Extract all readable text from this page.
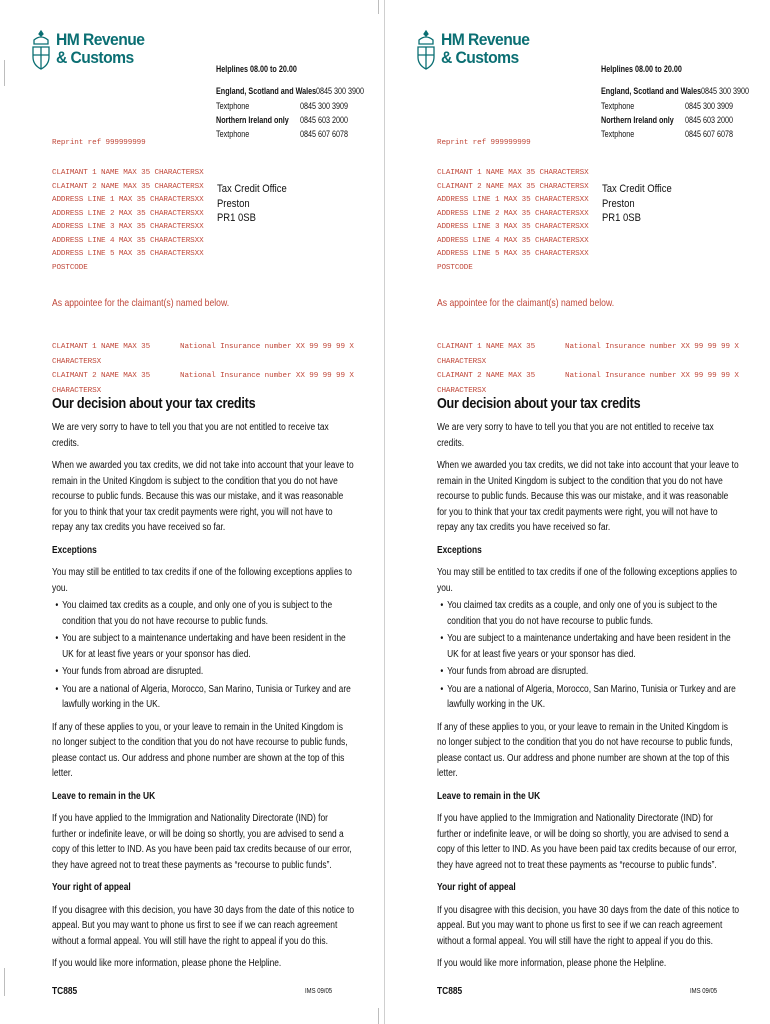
HM Revenue
& Customs
Helplines 08.00 to 20.00
England, Scotland and Wales 0845 300 3900
Textphone	0845 300 3909
Northern Ireland only	0845 603 2000
Textphone	0845 607 6078
Reprint ref 999999999
CLAIMANT 1 NAME MAX 35 CHARACTERSX
CLAIMANT 2 NAME MAX 35 CHARACTERSX
ADDRESS LINE 1 MAX 35 CHARACTERSXX
ADDRESS LINE 2 MAX 35 CHARACTERSXX
ADDRESS LINE 3 MAX 35 CHARACTERSXX
ADDRESS LINE 4 MAX 35 CHARACTERSXX
ADDRESS LINE 5 MAX 35 CHARACTERSXX
POSTCODE
Tax Credit Office
Preston
PR1 0SB
As appointee for the claimant(s) named below.
CLAIMANT 1 NAME MAX 35 CHARACTERSX
National Insurance number XX 99 99 99 X
CLAIMANT 2 NAME MAX 35 CHARACTERSX
National Insurance number XX 99 99 99 X
Our decision about your tax credits
We are very sorry to have to tell you that you are not entitled to receive tax credits.
When we awarded you tax credits, we did not take into account that your leave to remain in the United Kingdom is subject to the condition that you do not have recourse to public funds. Because this was our mistake, and it was reasonable for you to think that your tax credit payments were right, you will not have to repay any tax credits you have received so far.
Exceptions
You may still be entitled to tax credits if one of the following exceptions applies to you.
• You claimed tax credits as a couple, and only one of you is subject to the condition that you do not have recourse to public funds.
• You are subject to a maintenance undertaking and have been resident in the UK for at least five years or your sponsor has died.
• Your funds from abroad are disrupted.
• You are a national of Algeria, Morocco, San Marino, Tunisia or Turkey and are lawfully working in the UK.
If any of these applies to you, or your leave to remain in the United Kingdom is no longer subject to the condition that you do not have recourse to public funds, please contact us. Our address and phone number are shown at the top of this letter.
Leave to remain in the UK
If you have applied to the Immigration and Nationality Directorate (IND) for further or indefinite leave, or will be doing so shortly, you are advised to send a copy of this letter to IND. As you have been paid tax credits because of our error, they have agreed not to treat these payments as “recourse to public funds”.
Your right of appeal
If you disagree with this decision, you have 30 days from the date of this notice to appeal. But you may want to phone us first to see if we can reach agreement without a formal appeal. You will still have the right to appeal if you do this.
If you would like more information, please phone the Helpline.
TC885	IMS 09/05
HM Revenue
& Customs
Helplines 08.00 to 20.00
England, Scotland and Wales 0845 300 3900
Textphone	0845 300 3909
Northern Ireland only	0845 603 2000
Textphone	0845 607 6078
Reprint ref 999999999
CLAIMANT 1 NAME MAX 35 CHARACTERSX
CLAIMANT 2 NAME MAX 35 CHARACTERSX
ADDRESS LINE 1 MAX 35 CHARACTERSXX
ADDRESS LINE 2 MAX 35 CHARACTERSXX
ADDRESS LINE 3 MAX 35 CHARACTERSXX
ADDRESS LINE 4 MAX 35 CHARACTERSXX
ADDRESS LINE 5 MAX 35 CHARACTERSXX
POSTCODE
Tax Credit Office
Preston
PR1 0SB
As appointee for the claimant(s) named below.
CLAIMANT 1 NAME MAX 35 CHARACTERSX
National Insurance number XX 99 99 99 X
CLAIMANT 2 NAME MAX 35 CHARACTERSX
National Insurance number XX 99 99 99 X
Our decision about your tax credits
We are very sorry to have to tell you that you are not entitled to receive tax credits.
When we awarded you tax credits, we did not take into account that your leave to remain in the United Kingdom is subject to the condition that you do not have recourse to public funds. Because this was our mistake, and it was reasonable for you to think that your tax credit payments were right, you will not have to repay any tax credits you have received so far.
Exceptions
You may still be entitled to tax credits if one of the following exceptions applies to you.
• You claimed tax credits as a couple, and only one of you is subject to the condition that you do not have recourse to public funds.
• You are subject to a maintenance undertaking and have been resident in the UK for at least five years or your sponsor has died.
• Your funds from abroad are disrupted.
• You are a national of Algeria, Morocco, San Marino, Tunisia or Turkey and are lawfully working in the UK.
If any of these applies to you, or your leave to remain in the United Kingdom is no longer subject to the condition that you do not have recourse to public funds, please contact us. Our address and phone number are shown at the top of this letter.
Leave to remain in the UK
If you have applied to the Immigration and Nationality Directorate (IND) for further or indefinite leave, or will be doing so shortly, you are advised to send a copy of this letter to IND. As you have been paid tax credits because of our error, they have agreed not to treat these payments as “recourse to public funds”.
Your right of appeal
If you disagree with this decision, you have 30 days from the date of this notice to appeal. But you may want to phone us first to see if we can reach agreement without a formal appeal. You will still have the right to appeal if you do this.
If you would like more information, please phone the Helpline.
TC885	IMS 09/05
